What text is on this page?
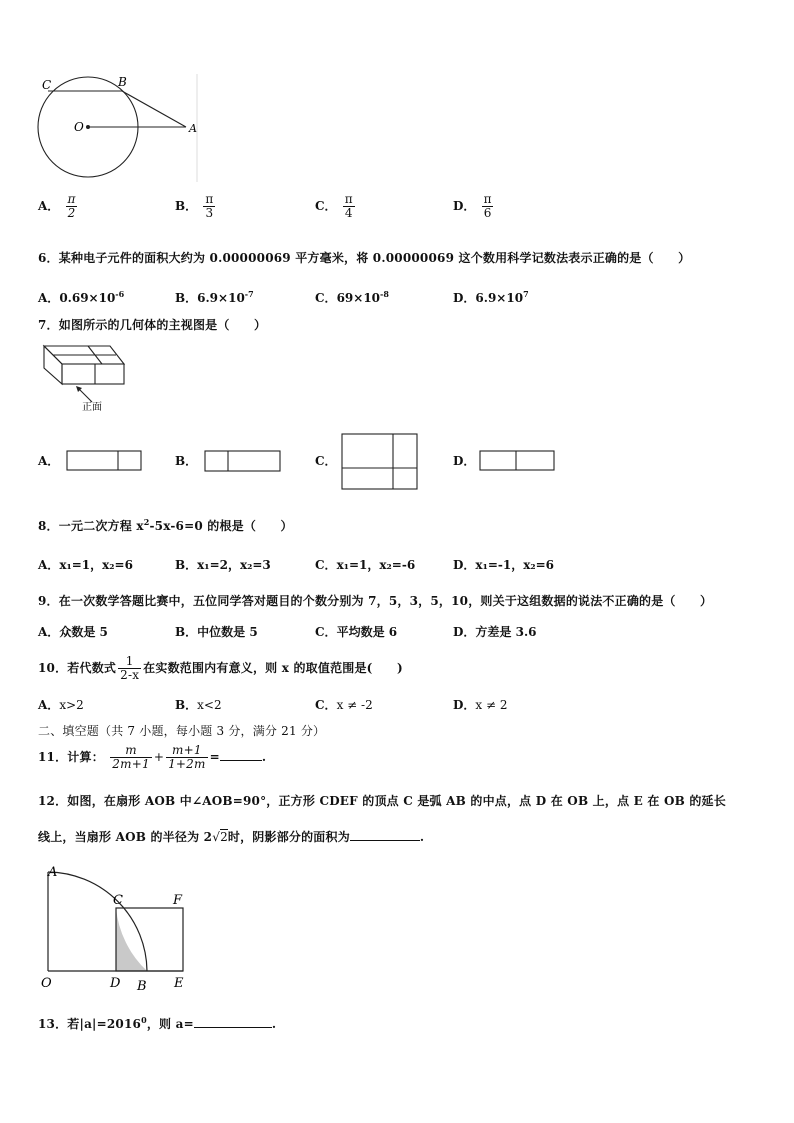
C	B
O	A
A． $\frac{\pi}{2}$	B． $\frac{\pi}{3}$	C． $\frac{\pi}{4}$	D． $\frac{\pi}{6}$
6．某种电子元件的面积大约为 0.00000069 平方毫米，将 0.00000069 这个数用科学记数法表示正确的是（　　）
A．$0.69\times 10^{-6}$	B．$6.9\times 10^{-7}$	C．$69\times 10^{-8}$	D．$6.9\times 10^7$
7．如图所示的几何体的主视图是（　　）
正面
A．	B．	C．	D．
8．一元二次方程 $x^2-5x-6=0$ 的根是（　　）
A．x₁=1，x₂=6	B．x₁=2，x₂=3	C．x₁=1，x₂=-6	D．x₁=-1，x₂=6
9．在一次数学答题比赛中，五位同学答对题目的个数分别为 7，5，3，5，10，则关于这组数据的说法不正确的是（　　）
A．众数是 5	B．中位数是 5	C．平均数是 6	D．方差是 3.6
10．若代数式 $\frac{1}{2-x}$ 在实数范围内有意义，则 x 的取值范围是(　　)
A．x>2	B．x<2	C．x ≠ -2	D．x ≠ 2
二、填空题（共 7 小题，每小题 3 分，满分 21 分）
11．计算： $\frac{m}{2m+1} + \frac{m+1}{1+2m}$ =	.
12．如图，在扇形 AOB 中∠AOB=90°，正方形 CDEF 的顶点 C 是弧 AB 的中点，点 D 在 OB 上，点 E 在 OB 的延长
线上，当扇形 AOB 的半径为 2√2时，阴影部分的面积为	.
A
C	F
O	D B E
13．若$|a|=2016^0$，则 a=	.
